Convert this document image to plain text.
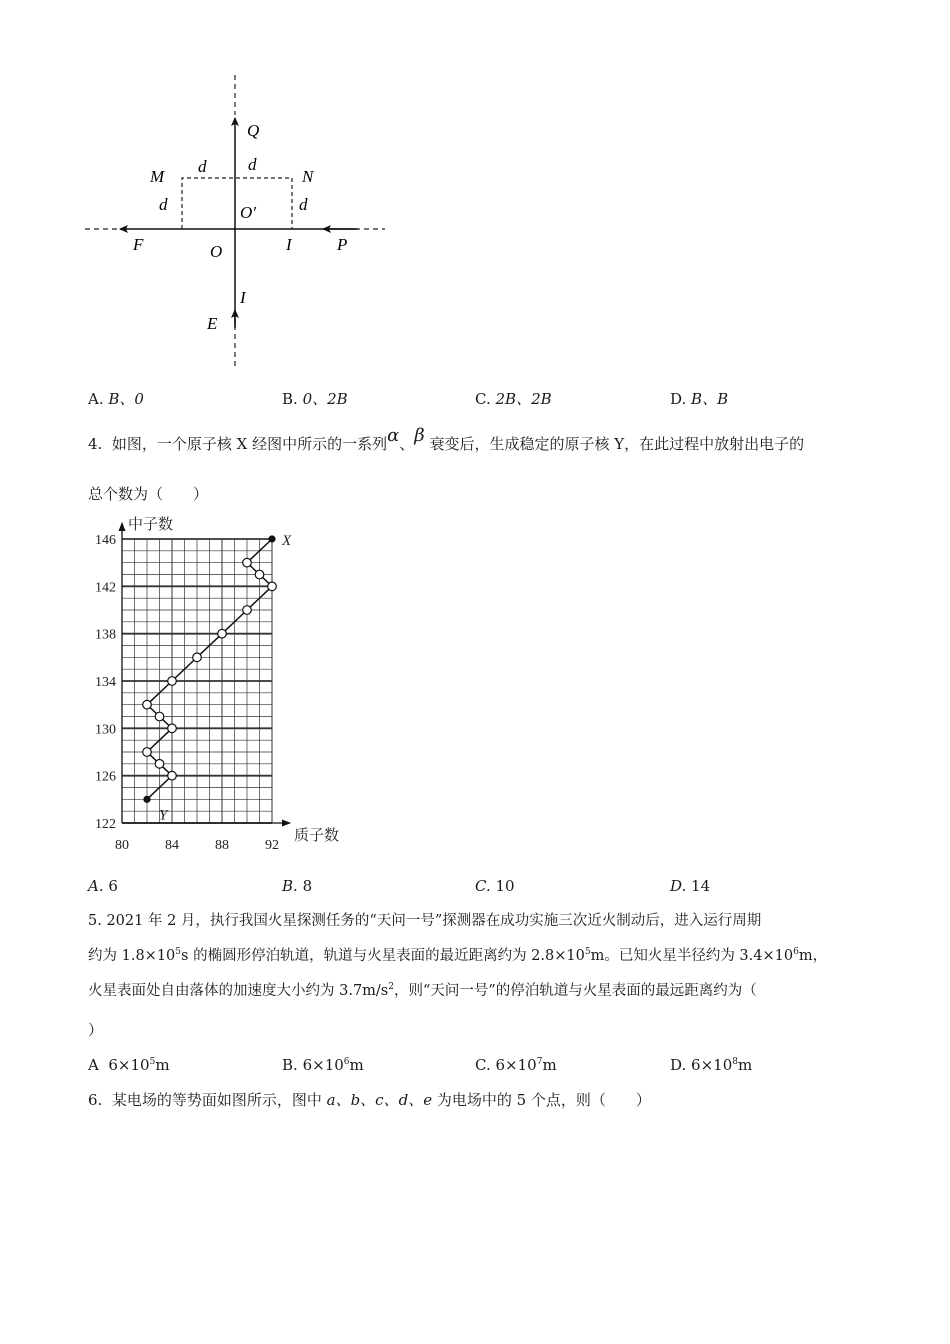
Q
d d
M	N
d	O′	d
F	O	I	P
I
E
A. B、0	B. 0、2B	C. 2B、2B	D. B、B
4. 如图，一个原子核 X 经图中所示的一系列α、β 衰变后，生成稳定的原子核 Y，在此过程中放射出电子的
总个数为（　　）
122
126
130
134
138
142
146
80	84	88	92
中子数
质子数
X
Y
A. 6	B. 8	C. 10	D. 14
5. 2021 年 2 月，执行我国火星探测任务的“天问一号”探测器在成功实施三次近火制动后，进入运行周期
约为 $1.8\times 10^5s$ 的椭圆形停泊轨道，轨道与火星表面的最近距离约为 $2.8\times 10^5m$。已知火星半径约为 $3.4\times 10^6m$，
火星表面处自由落体的加速度大小约为 $3.7m/s^2$，则“天问一号”的停泊轨道与火星表面的最远距离约为（
）
A $6\times 10^5m$	B. $6\times 10^6m$	C. $6\times 10^7m$	D. $6\times 10^8m$
6. 某电场的等势面如图所示，图中 a、b、c、d、e 为电场中的 5 个点，则（　　）
